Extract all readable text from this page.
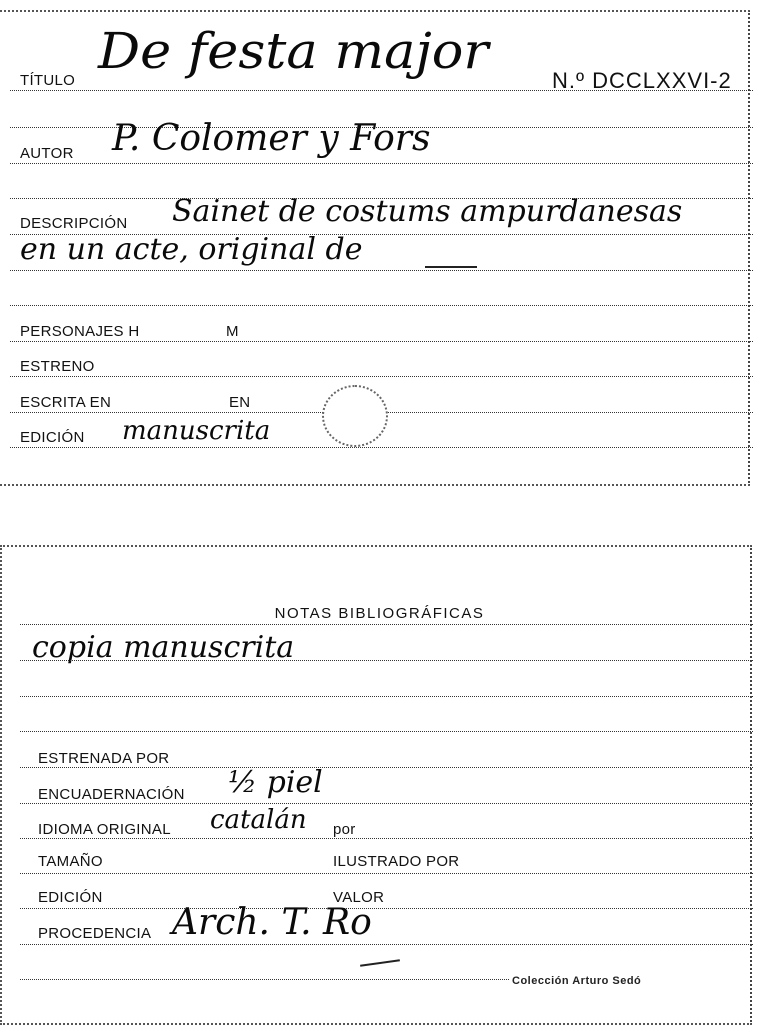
TÍTULO
De festa major
N.º DCCLXXVI-2
AUTOR P. Colomer y Fors
DESCRIPCIÓN Sainet de costums ampurdanesas
en un acte, original de
PERSONAJES H	M
ESTRENO
ESCRITA EN	EN
EDICIÓN manuscrita
NOTAS BIBLIOGRÁFICAS
copia manuscrita
ESTRENADA POR
ENCUADERNACIÓN ½ piel
IDIOMA ORIGINAL catalán por
TAMAÑO	ILUSTRADO POR
EDICIÓN	VALOR
PROCEDENCIA Arch. T. Ro
Colección Arturo Sedó
